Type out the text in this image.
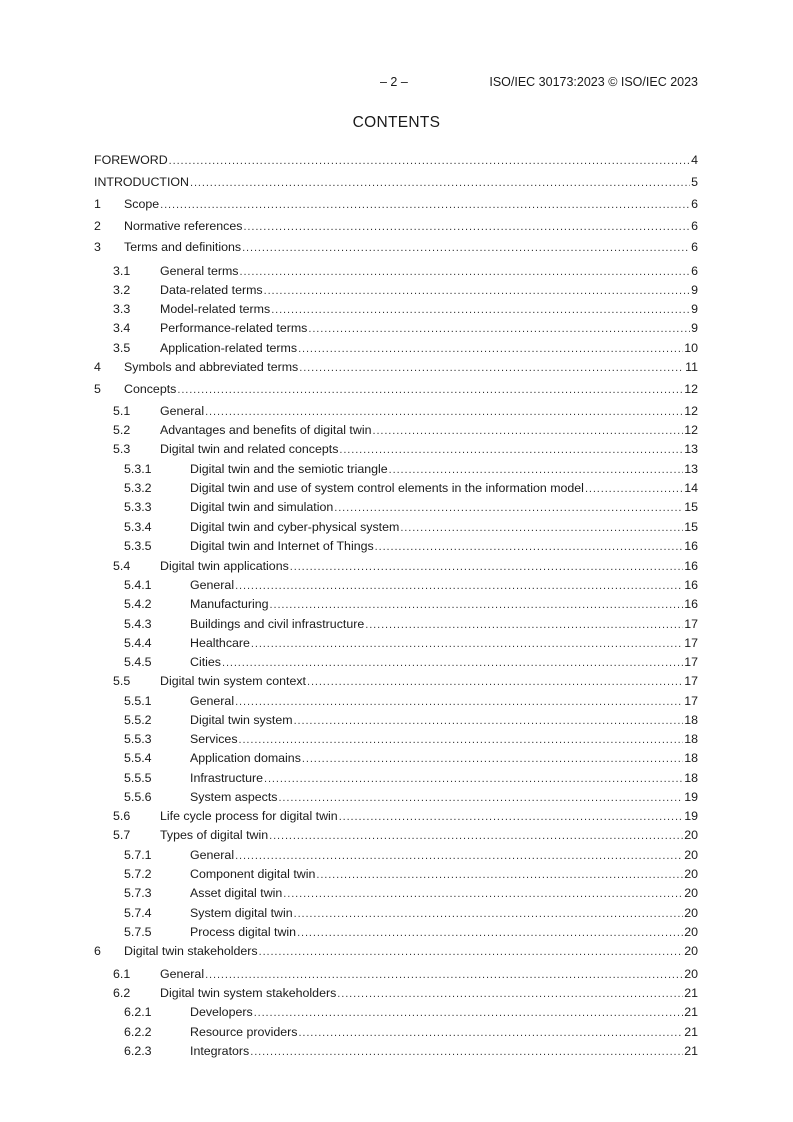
– 2 –	ISO/IEC 30173:2023 © ISO/IEC 2023
CONTENTS
FOREWORD .....	4
INTRODUCTION .....	5
1	Scope .....	6
2	Normative references .....	6
3	Terms and definitions .....	6
3.1	General terms .....	6
3.2	Data-related terms .....	9
3.3	Model-related terms .....	9
3.4	Performance-related terms .....	9
3.5	Application-related terms .....	10
4	Symbols and abbreviated terms .....	11
5	Concepts .....	12
5.1	General .....	12
5.2	Advantages and benefits of digital twin .....	12
5.3	Digital twin and related concepts .....	13
5.3.1	Digital twin and the semiotic triangle .....	13
5.3.2	Digital twin and use of system control elements in the information model .....	14
5.3.3	Digital twin and simulation .....	15
5.3.4	Digital twin and cyber-physical system .....	15
5.3.5	Digital twin and Internet of Things .....	16
5.4	Digital twin applications .....	16
5.4.1	General .....	16
5.4.2	Manufacturing .....	16
5.4.3	Buildings and civil infrastructure .....	17
5.4.4	Healthcare .....	17
5.4.5	Cities .....	17
5.5	Digital twin system context .....	17
5.5.1	General .....	17
5.5.2	Digital twin system .....	18
5.5.3	Services .....	18
5.5.4	Application domains .....	18
5.5.5	Infrastructure .....	18
5.5.6	System aspects .....	19
5.6	Life cycle process for digital twin .....	19
5.7	Types of digital twin .....	20
5.7.1	General .....	20
5.7.2	Component digital twin .....	20
5.7.3	Asset digital twin .....	20
5.7.4	System digital twin .....	20
5.7.5	Process digital twin .....	20
6	Digital twin stakeholders .....	20
6.1	General .....	20
6.2	Digital twin system stakeholders .....	21
6.2.1	Developers .....	21
6.2.2	Resource providers .....	21
6.2.3	Integrators .....	21
